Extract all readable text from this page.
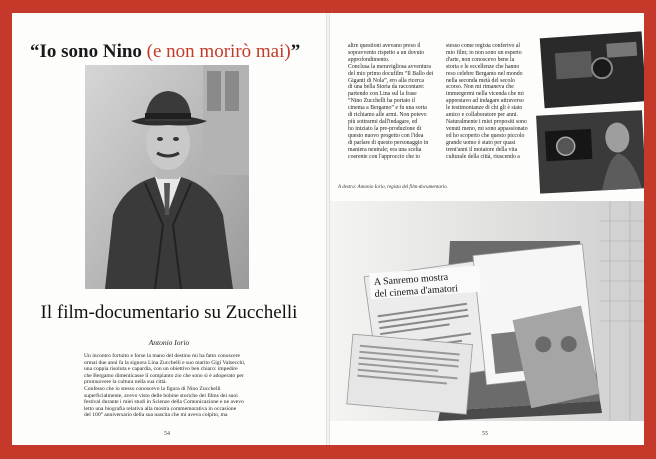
“Io sono Nino (e non morirò mai)”
Il film-documentario su Zucchelli
Antonio Iorio

Un incontro fortuito e forse la mano del destino mi ha fatto conoscere

ormai due anni fa la signora Lina Zucchelli e suo marito Gigi Valsecchi,

una coppia risoluta e capardia, con un obiettivo ben chiaro: impedire

che Bergamo dimenticasse il compianto zio che sono si è adoperato per

promuovere la cultura nella sua città.

Confesso che io stesso conoscevo la figura di Nino Zucchelli

superficialmente, avevo visto delle bobine storiche dei films dei suoi

festival durante i miei studi in Scienze della Comunicazione e ne avevo

letto una biografia relativa alla mostra commemorativa in occasione

del 100° anniversario della sua nascita che mi aveva colpito, ma

54

altre questioni avevano preso il

sopravvento rispetto a un dovuto

approfondimento.

Conclusa la meravigliosa avventura

del mio primo docufilm “Il Ballo dei

Giganti di Nola”, ero alla ricerca

di una bella Storia da raccontare:

partendo con Lina sul la frase

“Nino Zucchelli ha portato il

cinema a Bergamo” e fu una sorta

di richiamo alle armi. Non potevo

più sottrarmi dall'indagare, ed

ho iniziato la pre-produzione di

questo nuovo progetto con l'idea

di parlare di questo personaggio in

maniera neutrale; era una scelta

coerente con l'approccio che io

stesso come regista conferivo al

mio film; io non sono un esperto

d'arte, non conoscevo bene la

storia e le eccellenze che hanno

reso celebre Bergamo nel mondo

nella seconda metà del secolo

scorso. Non mi rimaneva che

immergermi nella vicenda che mi

apprestavo ad indagare attraverso

le testimonianze di chi gli è stato

amico e collaboratore per anni.

Naturalmente i miei propositi sono

venuti meno, mi sono appassionato

ed ho scoperto che questo piccolo

grande uomo è stato per quasi

trent'anni il motatore della vita

culturale della città, riuscendo a

A destra: Antonio Iorio, regista del film-documentario.
A Sanremo mostra
del cinema d'amatori
55
